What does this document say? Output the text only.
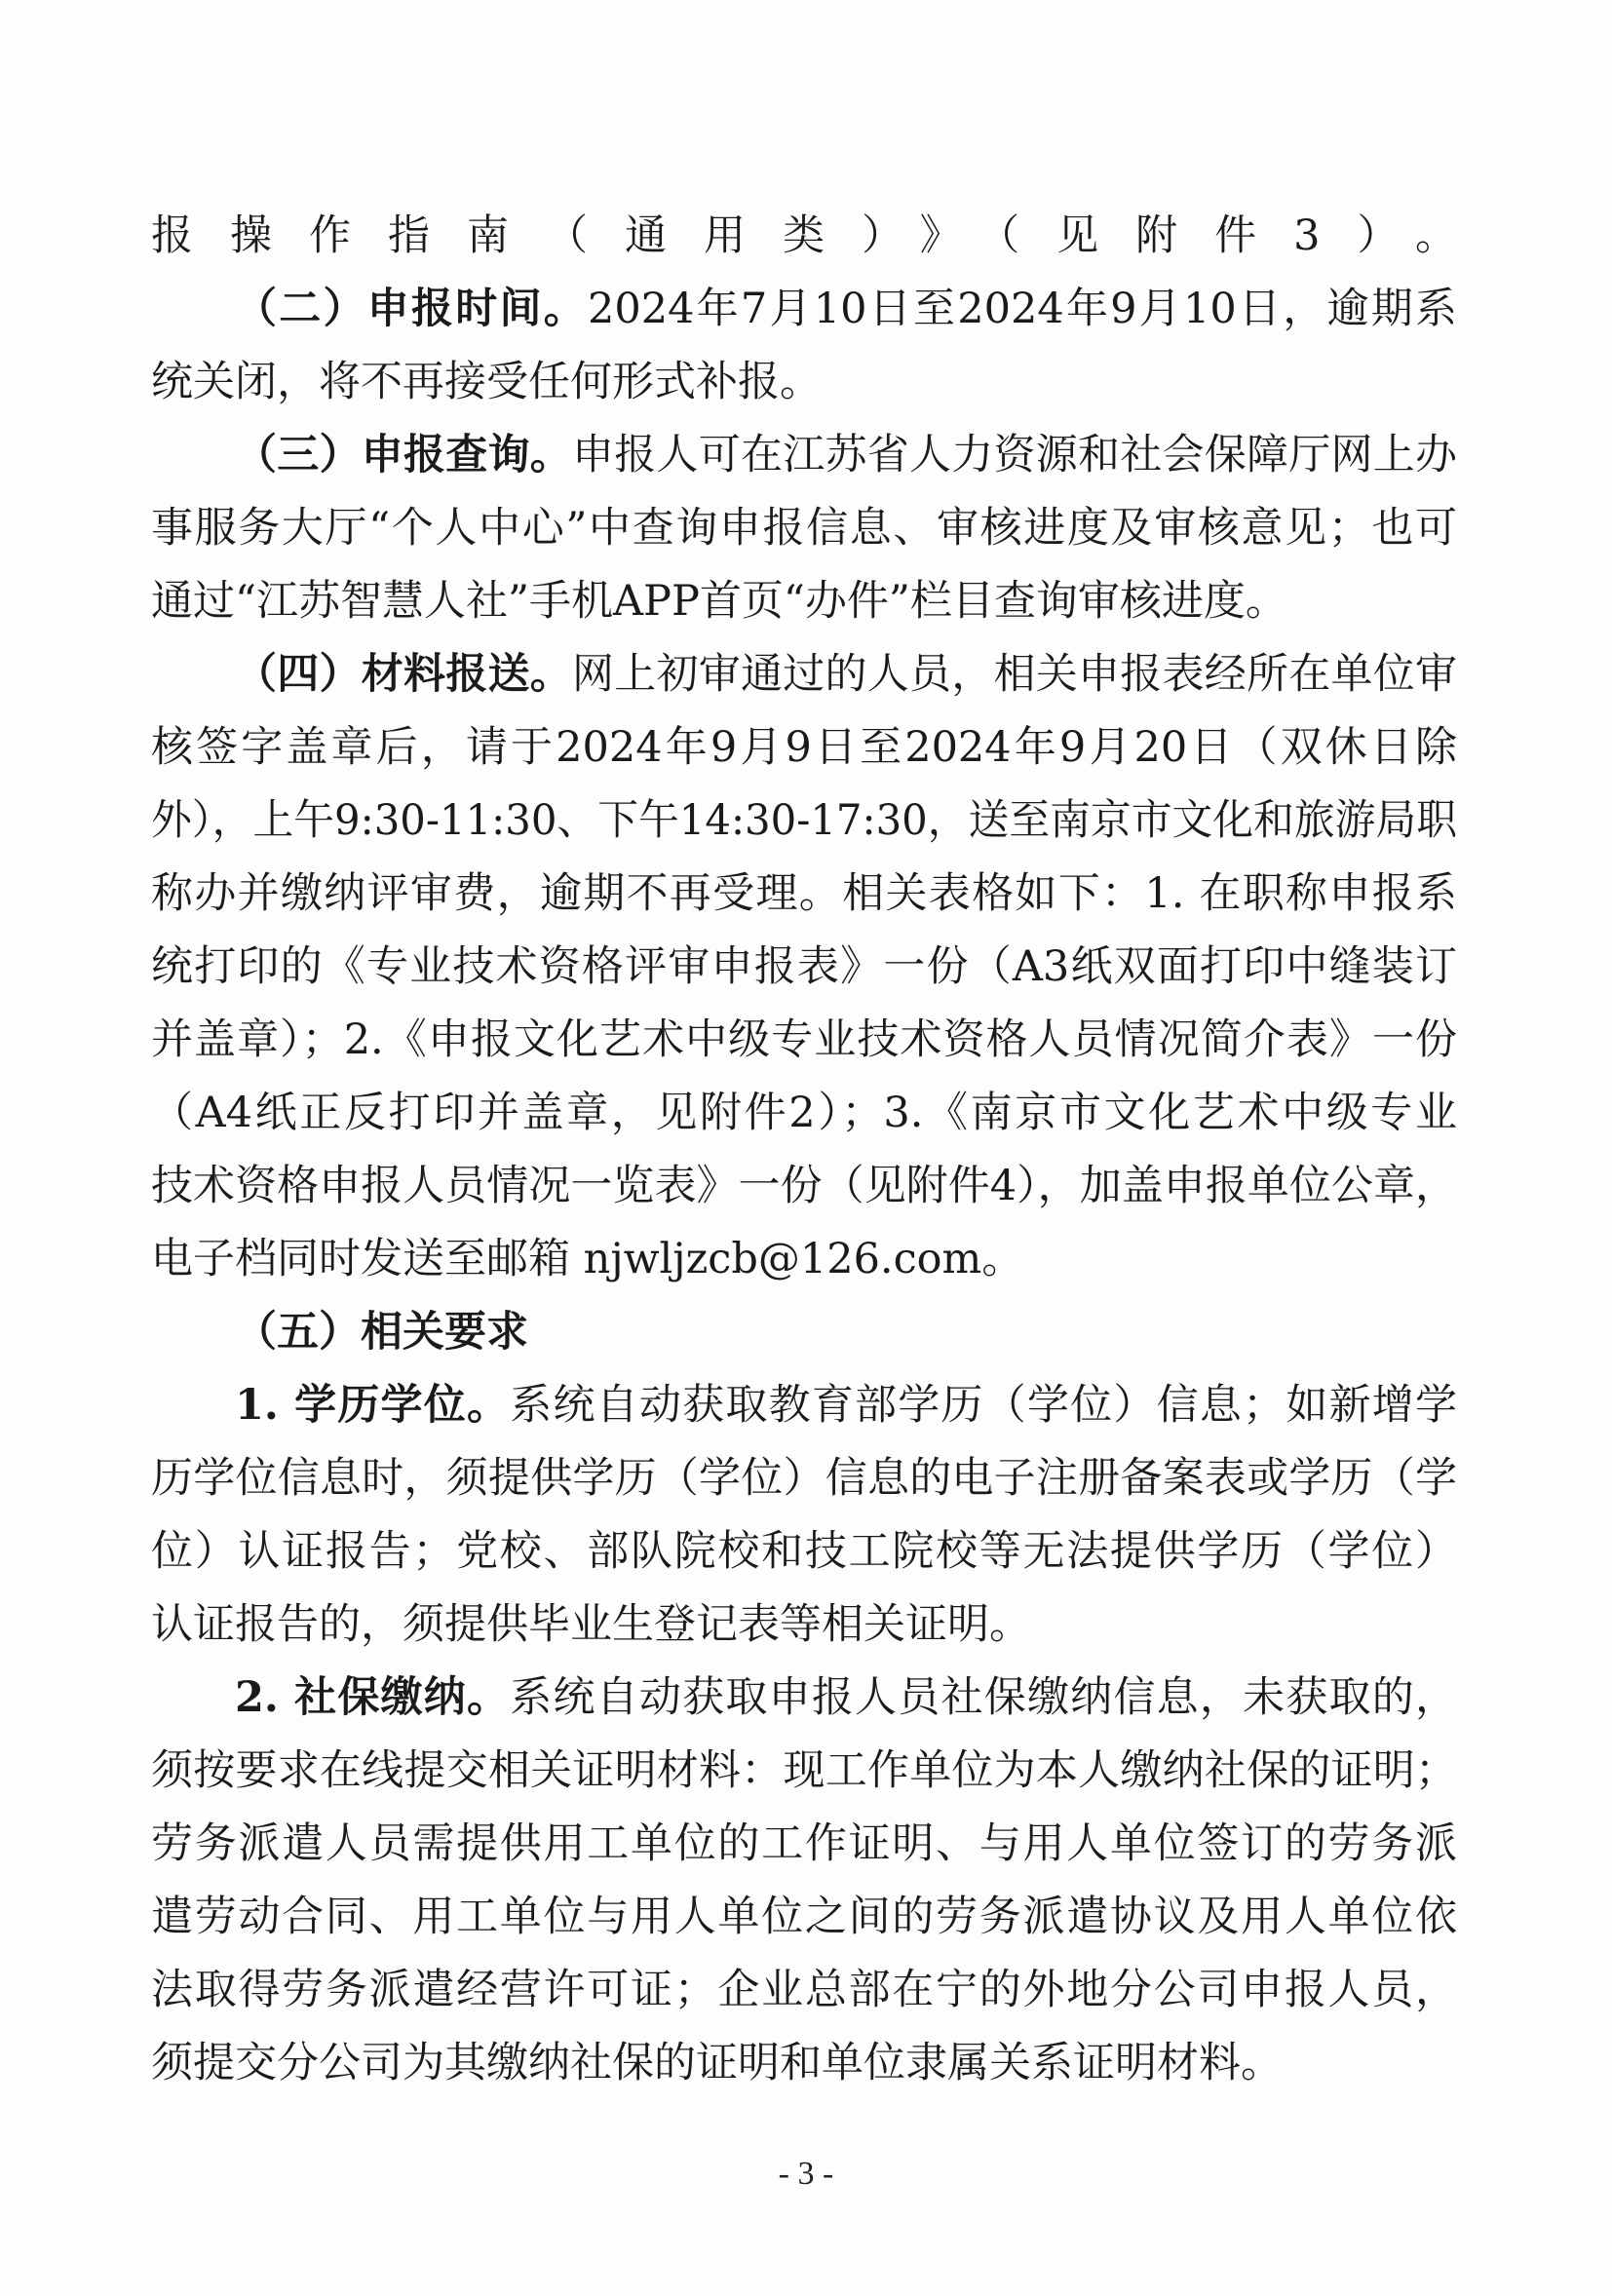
报操作指南（通用类）》（见附件3）。
（二）申报时间。2024年7月10日至2024年9月10日，逾期系
统关闭，将不再接受任何形式补报。
（三）申报查询。申报人可在江苏省人力资源和社会保障厅网上办
事服务大厅“个人中心”中查询申报信息、审核进度及审核意见；也可
通过“江苏智慧人社”手机APP首页“办件”栏目查询审核进度。
（四）材料报送。网上初审通过的人员，相关申报表经所在单位审
核签字盖章后，请于2024年9月9日至2024年9月20日（双休日除
外），上午9:30-11:30、下午14:30-17:30，送至南京市文化和旅游局职
称办并缴纳评审费，逾期不再受理。相关表格如下：1. 在职称申报系
统打印的《专业技术资格评审申报表》一份（A3纸双面打印中缝装订
并盖章）；2.《申报文化艺术中级专业技术资格人员情况简介表》一份
（A4纸正反打印并盖章，见附件2）；3.《南京市文化艺术中级专业
技术资格申报人员情况一览表》一份（见附件4），加盖申报单位公章，
电子档同时发送至邮箱 njwljzcb@126.com。
（五）相关要求
1. 学历学位。系统自动获取教育部学历（学位）信息；如新增学
历学位信息时，须提供学历（学位）信息的电子注册备案表或学历（学
位）认证报告；党校、部队院校和技工院校等无法提供学历（学位）
认证报告的，须提供毕业生登记表等相关证明。
2. 社保缴纳。系统自动获取申报人员社保缴纳信息，未获取的，
须按要求在线提交相关证明材料：现工作单位为本人缴纳社保的证明；
劳务派遣人员需提供用工单位的工作证明、与用人单位签订的劳务派
遣劳动合同、用工单位与用人单位之间的劳务派遣协议及用人单位依
法取得劳务派遣经营许可证；企业总部在宁的外地分公司申报人员，
须提交分公司为其缴纳社保的证明和单位隶属关系证明材料。
- 3 -
